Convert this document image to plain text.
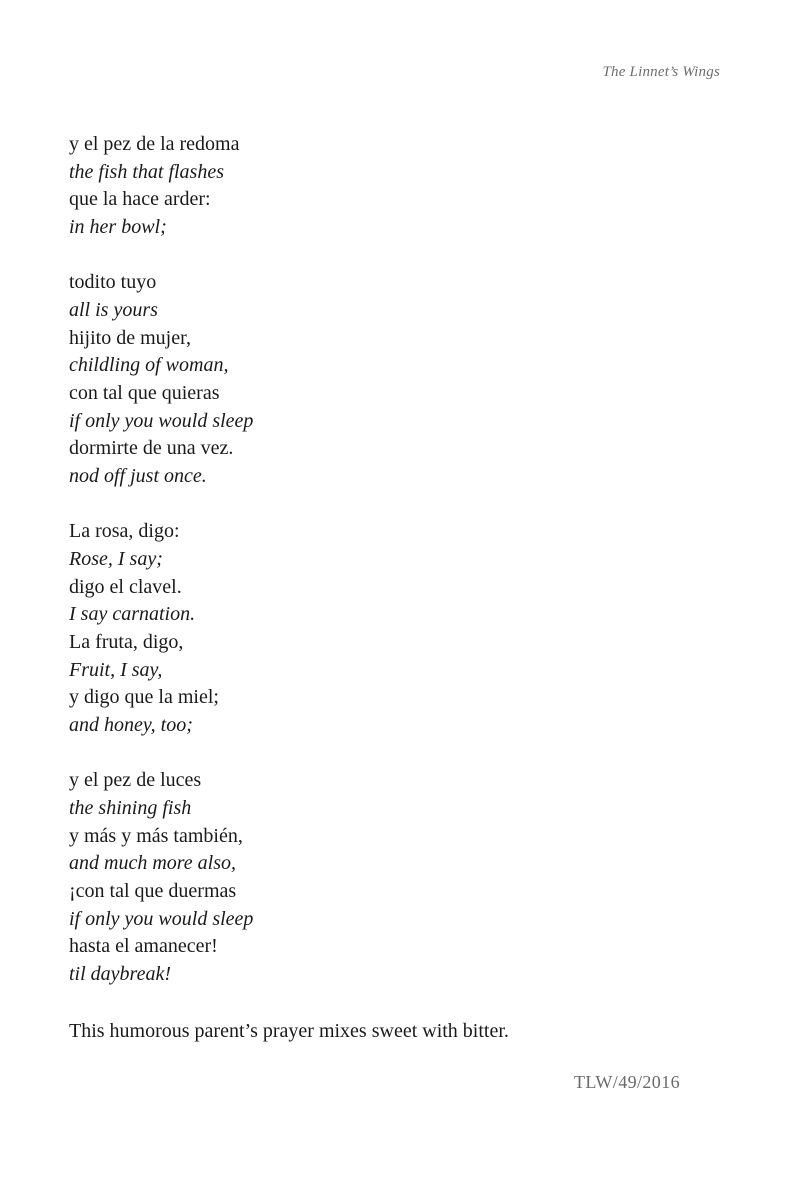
The Linnet’s Wings
y el pez de la redoma
the fish that flashes
que la hace arder:
in her bowl;
todito tuyo
all is yours
hijito de mujer,
childling of woman,
con tal que quieras
if only you would sleep
dormirte de una vez.
nod off just once.
La rosa, digo:
Rose, I say;
digo el clavel.
I say carnation.
La fruta, digo,
Fruit, I say,
y digo que la miel;
and honey, too;
y el pez de luces
the shining fish
y más y más también,
and much more also,
¡con tal que duermas
if only you would sleep
hasta el amanecer!
til daybreak!
This humorous parent’s prayer mixes sweet with bitter.
TLW/49/2016
